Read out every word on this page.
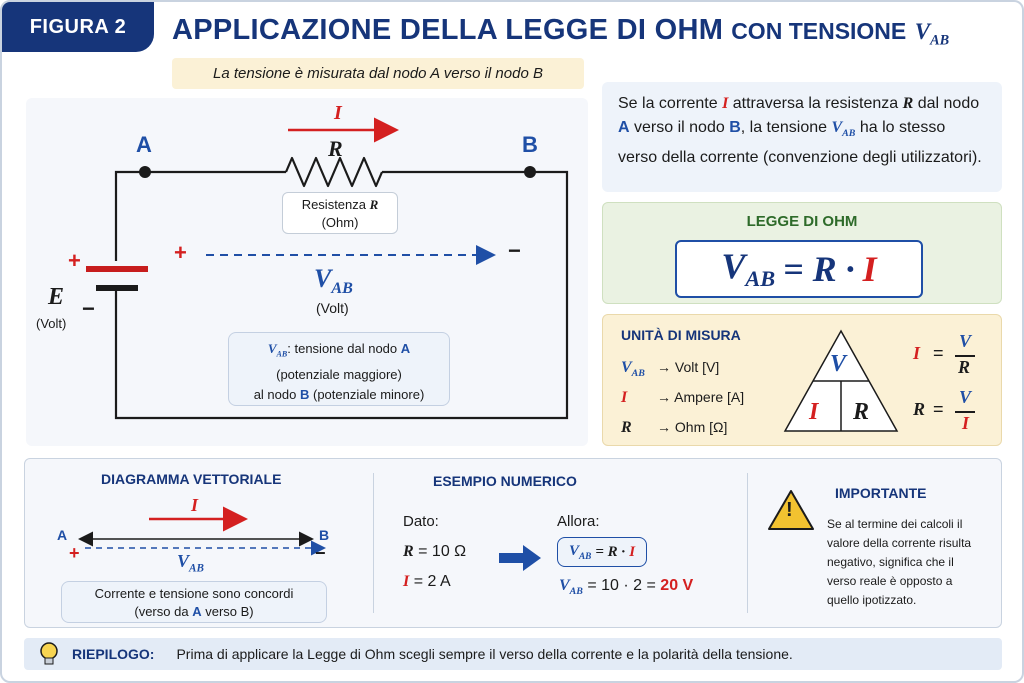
FIGURA 2	APPLICAZIONE DELLA LEGGE DI OHM CON TENSIONE $V_{AB}$
La tensione è misurata dal nodo A verso il nodo B
A	B
I
R
Resistenza R
(Ohm)
+
−
E
(Volt)
+	−
$V_{AB}$
(Volt)
$V_{AB}$: tensione dal nodo A
(potenziale maggiore)
al nodo B (potenziale minore)
Se la corrente I attraversa la resistenza R dal nodo A verso il nodo B, la tensione $V_{AB}$ ha lo stesso verso della corrente (convenzione degli utilizzatori).
LEGGE DI OHM
$V_{AB} = R \cdot I$
UNITÀ DI MISURA
$V_{AB}$ → Volt [V]
I	→ Ampere [A]
R	→ Ohm [Ω]
V
I R
I =
V
R
R =
V
I
DIAGRAMMA VETTORIALE
I
A	B
+	−
$V_{AB}$
Corrente e tensione sono concordi
(verso da A verso B)
ESEMPIO NUMERICO
Dato:
R = 10 Ω
I = 2 A
Allora:
$V_{AB} = R \cdot I$
$V_{AB} = 10 \cdot 2 = 20$ V
!
IMPORTANTE
Se al termine dei calcoli il
valore della corrente risulta
negativo, significa che il
verso reale è opposto a
quello ipotizzato.
RIEPILOGO: Prima di applicare la Legge di Ohm scegli sempre il verso della corrente e la polarità della tensione.
